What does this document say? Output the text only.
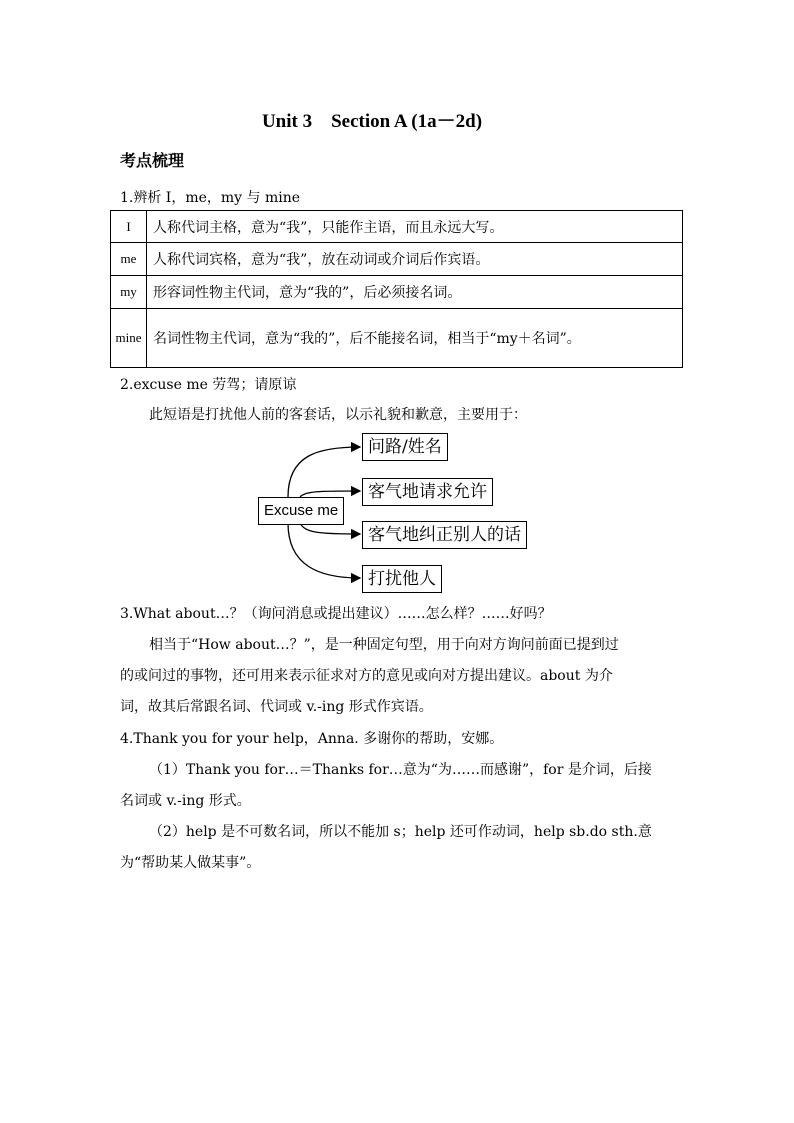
Unit 3    Section A (1a－2d)
考点梳理
1.辨析 I，me，my 与 mine
I	人称代词主格，意为“我”，只能作主语，而且永远大写。
me	人称代词宾格，意为“我”，放在动词或介词后作宾语。
my	形容词性物主代词，意为“我的”，后必须接名词。
mine	名词性物主代词，意为“我的”，后不能接名词，相当于“my＋名词”。
2.excuse me 劳驾；请原谅
此短语是打扰他人前的客套话，以示礼貌和歉意，主要用于：
Excuse me
问路/姓名
客气地请求允许
客气地纠正别人的话
打扰他人
3.What about…？（询问消息或提出建议）……怎么样？……好吗？
相当于“How about…？”，是一种固定句型，用于向对方询问前面已提到过
的或问过的事物，还可用来表示征求对方的意见或向对方提出建议。about 为介
词，故其后常跟名词、代词或 v.-ing 形式作宾语。
4.Thank you for your help，Anna. 多谢你的帮助，安娜。
（1）Thank you for…＝Thanks for…意为“为……而感谢”，for 是介词，后接
名词或 v.-ing 形式。
（2）help 是不可数名词，所以不能加 s；help 还可作动词，help sb.do sth.意
为“帮助某人做某事”。
